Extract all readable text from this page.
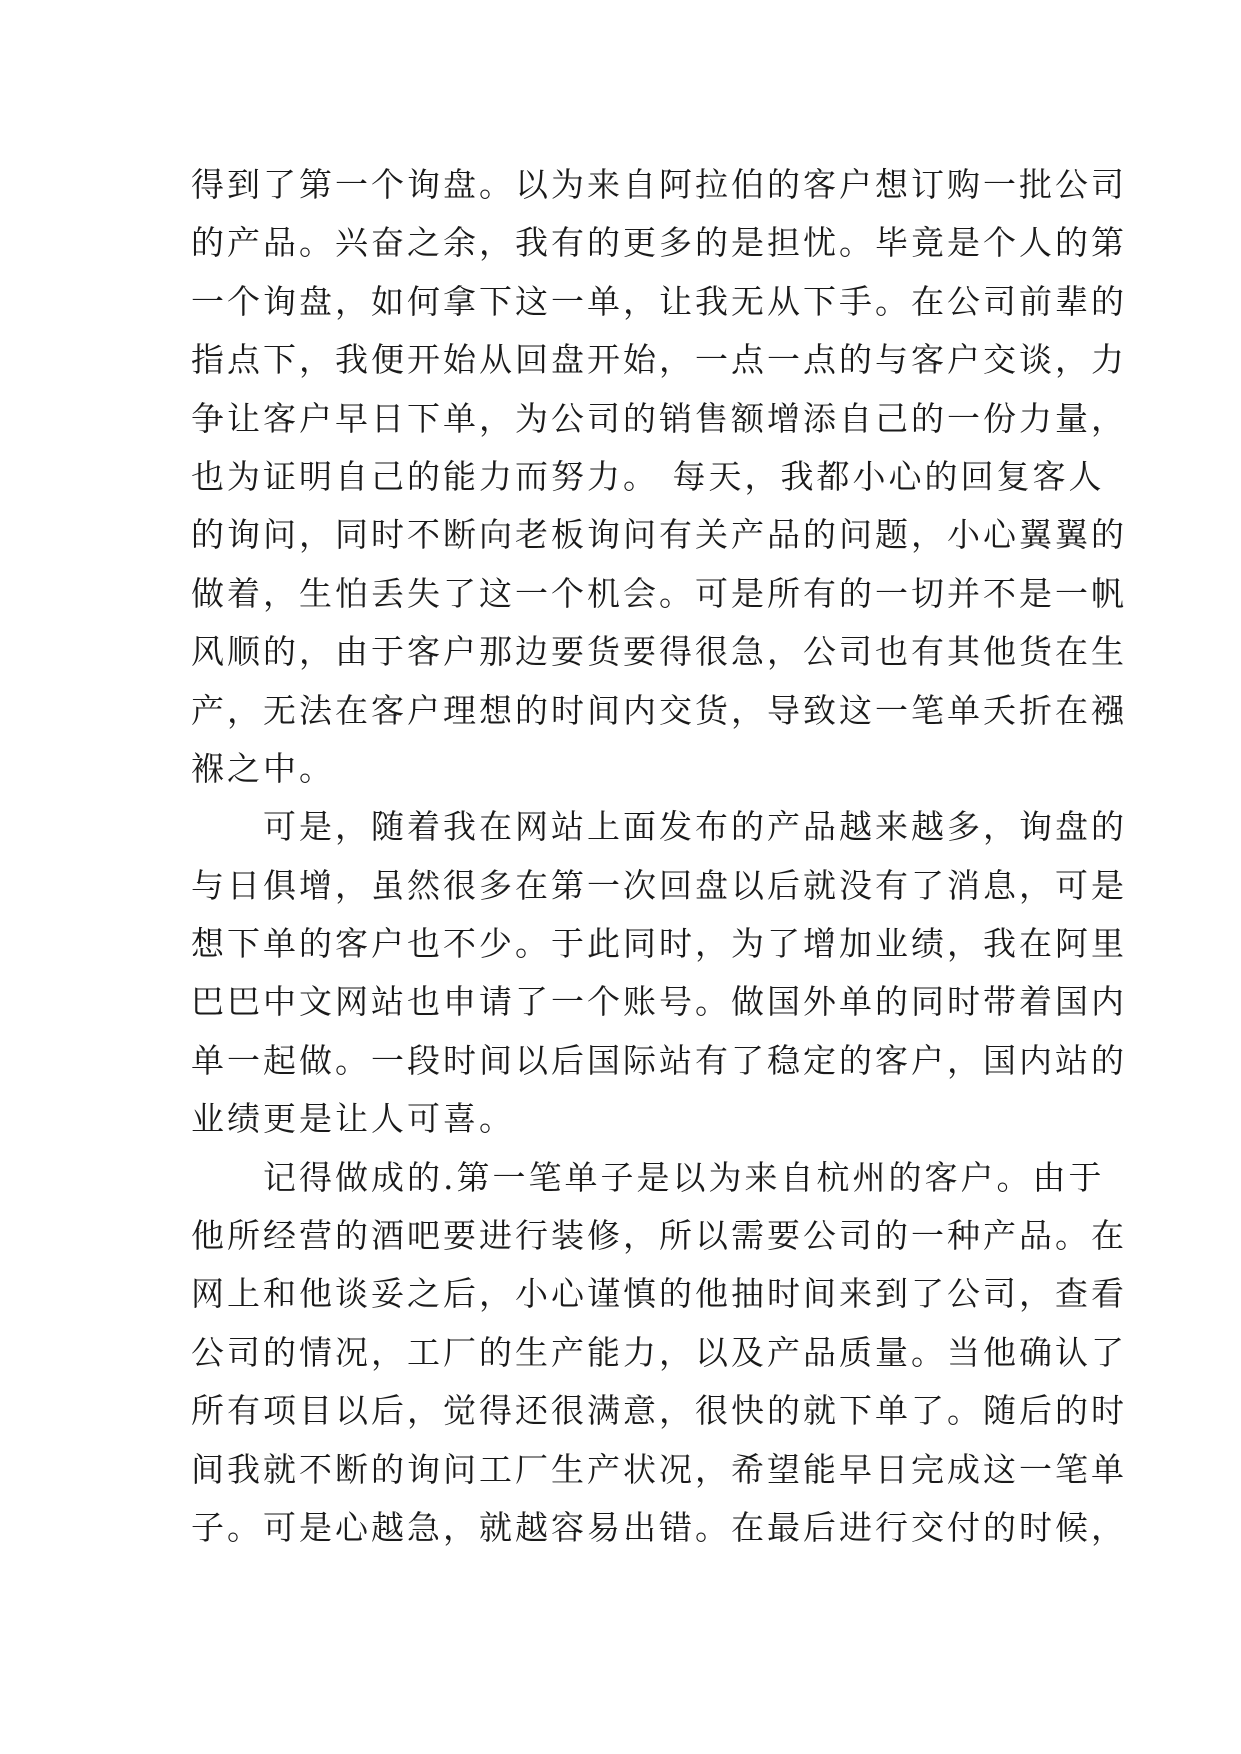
得到了第一个询盘。以为来自阿拉伯的客户想订购一批公司
的产品。兴奋之余，我有的更多的是担忧。毕竟是个人的第
一个询盘，如何拿下这一单，让我无从下手。在公司前辈的
指点下，我便开始从回盘开始，一点一点的与客户交谈，力
争让客户早日下单，为公司的销售额增添自己的一份力量，
也为证明自己的能力而努力。 每天，我都小心的回复客人
的询问，同时不断向老板询问有关产品的问题，小心翼翼的
做着，生怕丢失了这一个机会。可是所有的一切并不是一帆
风顺的，由于客户那边要货要得很急，公司也有其他货在生
产，无法在客户理想的时间内交货，导致这一笔单夭折在襁
褓之中。
可是，随着我在网站上面发布的产品越来越多，询盘的
与日俱增，虽然很多在第一次回盘以后就没有了消息，可是
想下单的客户也不少。于此同时，为了增加业绩，我在阿里
巴巴中文网站也申请了一个账号。做国外单的同时带着国内
单一起做。一段时间以后国际站有了稳定的客户，国内站的
业绩更是让人可喜。
记得做成的.第一笔单子是以为来自杭州的客户。由于
他所经营的酒吧要进行装修，所以需要公司的一种产品。在
网上和他谈妥之后，小心谨慎的他抽时间来到了公司，查看
公司的情况，工厂的生产能力，以及产品质量。当他确认了
所有项目以后，觉得还很满意，很快的就下单了。随后的时
间我就不断的询问工厂生产状况，希望能早日完成这一笔单
子。可是心越急，就越容易出错。在最后进行交付的时候，
